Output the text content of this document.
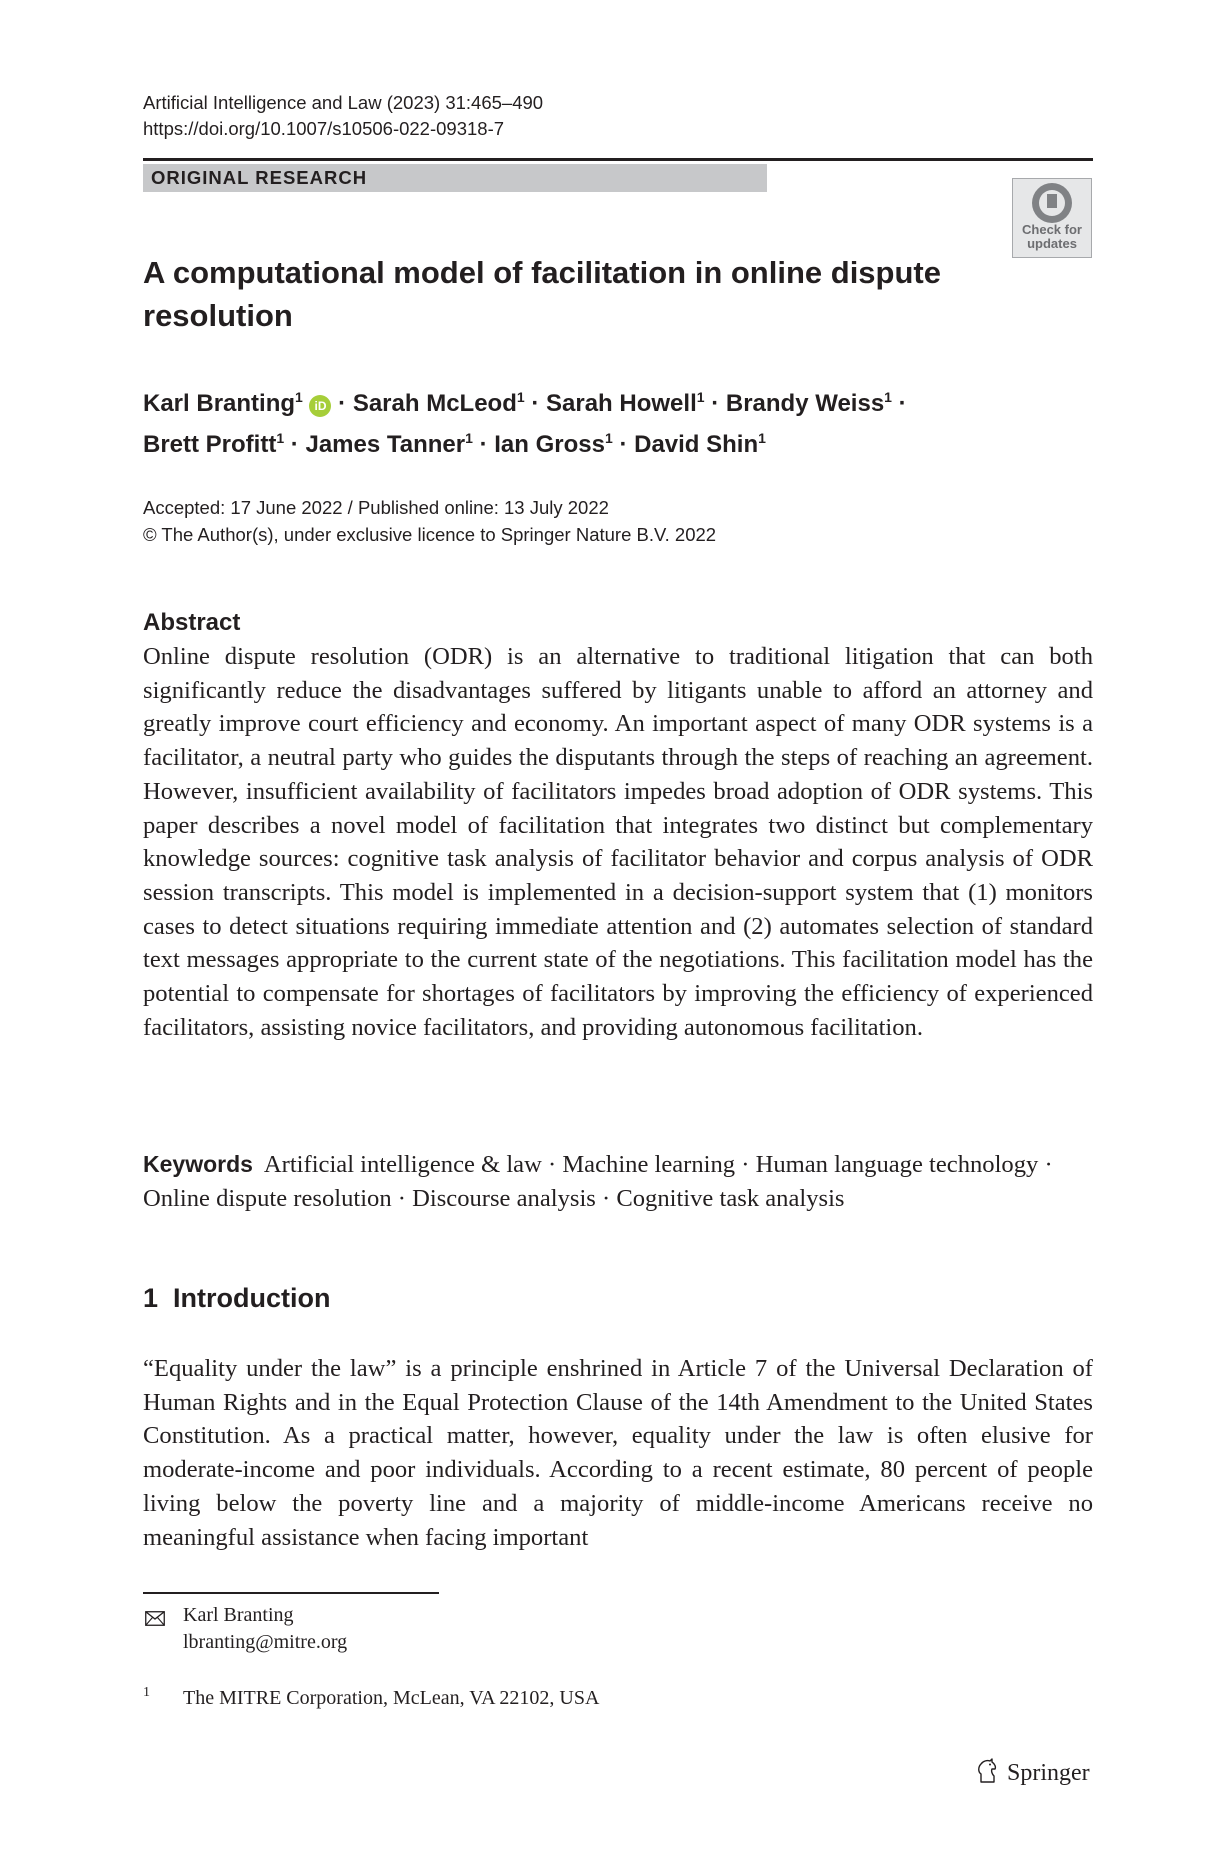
Artificial Intelligence and Law (2023) 31:465–490
https://doi.org/10.1007/s10506-022-09318-7
ORIGINAL RESEARCH
Check for
updates
A computational model of facilitation in online dispute resolution
Karl Branting$^1$ iD · Sarah McLeod$^1$ · Sarah Howell$^1$ · Brandy Weiss$^1$ ·
Brett Profitt$^1$ · James Tanner$^1$ · Ian Gross$^1$ · David Shin$^1$
Accepted: 17 June 2022 / Published online: 13 July 2022
© The Author(s), under exclusive licence to Springer Nature B.V. 2022
Abstract
Online dispute resolution (ODR) is an alternative to traditional litigation that can both significantly reduce the disadvantages suffered by litigants unable to afford an attorney and greatly improve court efficiency and economy. An important aspect of many ODR systems is a facilitator, a neutral party who guides the disputants through the steps of reaching an agreement. However, insufficient availability of facilitators impedes broad adoption of ODR systems. This paper describes a novel model of facilitation that integrates two distinct but complementary knowledge sources: cognitive task analysis of facilitator behavior and corpus analysis of ODR session transcripts. This model is implemented in a decision-support system that (1) monitors cases to detect situations requiring immediate attention and (2) automates selection of standard text messages appropriate to the current state of the negotiations. This facilitation model has the potential to compensate for shortages of facilitators by improving the efficiency of experienced facilitators, assisting novice facilitators, and providing autonomous facilitation.
Keywords Artificial intelligence & law · Machine learning · Human language technology · Online dispute resolution · Discourse analysis · Cognitive task analysis
1 Introduction
“Equality under the law” is a principle enshrined in Article 7 of the Universal Declaration of Human Rights and in the Equal Protection Clause of the 14th Amendment to the United States Constitution. As a practical matter, however, equality under the law is often elusive for moderate-income and poor individuals. According to a recent estimate, 80 percent of people living below the poverty line and a majority of middle-income Americans receive no meaningful assistance when facing important
Karl Branting
lbranting@mitre.org
1 The MITRE Corporation, McLean, VA 22102, USA
Springer
